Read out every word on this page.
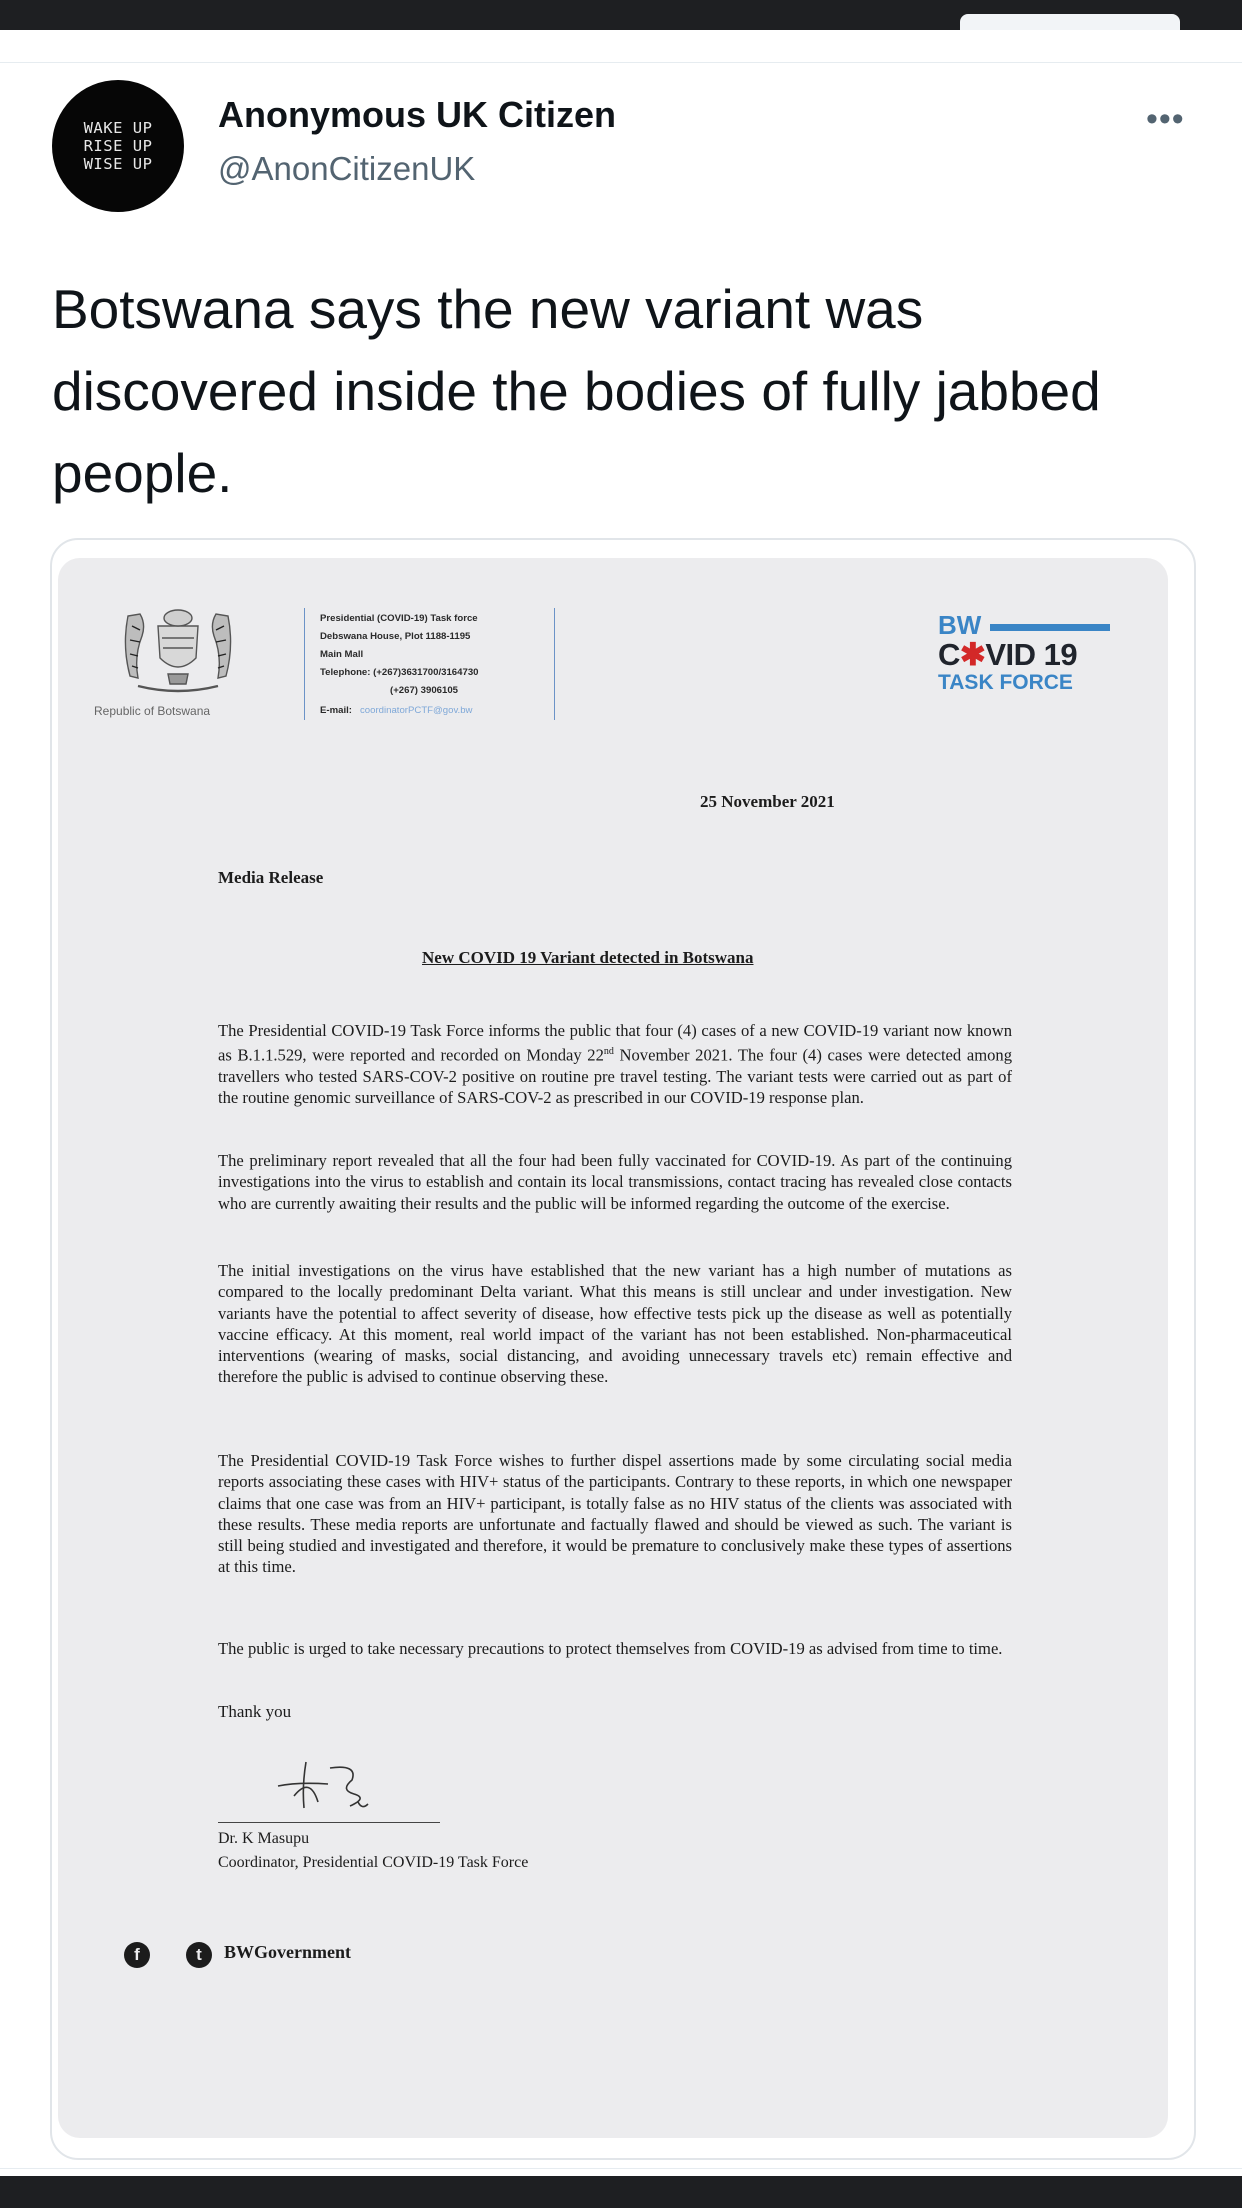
WAKE UP
RISE UP
WISE UP
Anonymous UK Citizen
@AnonCitizenUK
•••
Botswana says the new variant was discovered inside the bodies of fully jabbed people.
Republic of Botswana
Presidential (COVID-19) Task force
Debswana House, Plot 1188-1195
Main Mall
Telephone: (+267)3631700/3164730
(+267) 3906105
E-mail: coordinatorPCTF@gov.bw
BW
C✱VID 19
TASK FORCE
25 November 2021
Media Release
New COVID 19 Variant detected in Botswana
The Presidential COVID-19 Task Force informs the public that four (4) cases of a new COVID-19 variant now known as B.1.1.529, were reported and recorded on Monday 22nd November 2021. The four (4) cases were detected among travellers who tested SARS-COV-2 positive on routine pre travel testing. The variant tests were carried out as part of the routine genomic surveillance of SARS-COV-2 as prescribed in our COVID-19 response plan.
The preliminary report revealed that all the four had been fully vaccinated for COVID-19. As part of the continuing investigations into the virus to establish and contain its local transmissions, contact tracing has revealed close contacts who are currently awaiting their results and the public will be informed regarding the outcome of the exercise.
The initial investigations on the virus have established that the new variant has a high number of mutations as compared to the locally predominant Delta variant. What this means is still unclear and under investigation. New variants have the potential to affect severity of disease, how effective tests pick up the disease as well as potentially vaccine efficacy. At this moment, real world impact of the variant has not been established. Non-pharmaceutical interventions (wearing of masks, social distancing, and avoiding unnecessary travels etc) remain effective and therefore the public is advised to continue observing these.
The Presidential COVID-19 Task Force wishes to further dispel assertions made by some circulating social media reports associating these cases with HIV+ status of the participants. Contrary to these reports, in which one newspaper claims that one case was from an HIV+ participant, is totally false as no HIV status of the clients was associated with these results. These media reports are unfortunate and factually flawed and should be viewed as such. The variant is still being studied and investigated and therefore, it would be premature to conclusively make these types of assertions at this time.
The public is urged to take necessary precautions to protect themselves from COVID-19 as advised from time to time.
Thank you
Dr. K Masupu
Coordinator, Presidential COVID-19 Task Force
f	t	BWGovernment
